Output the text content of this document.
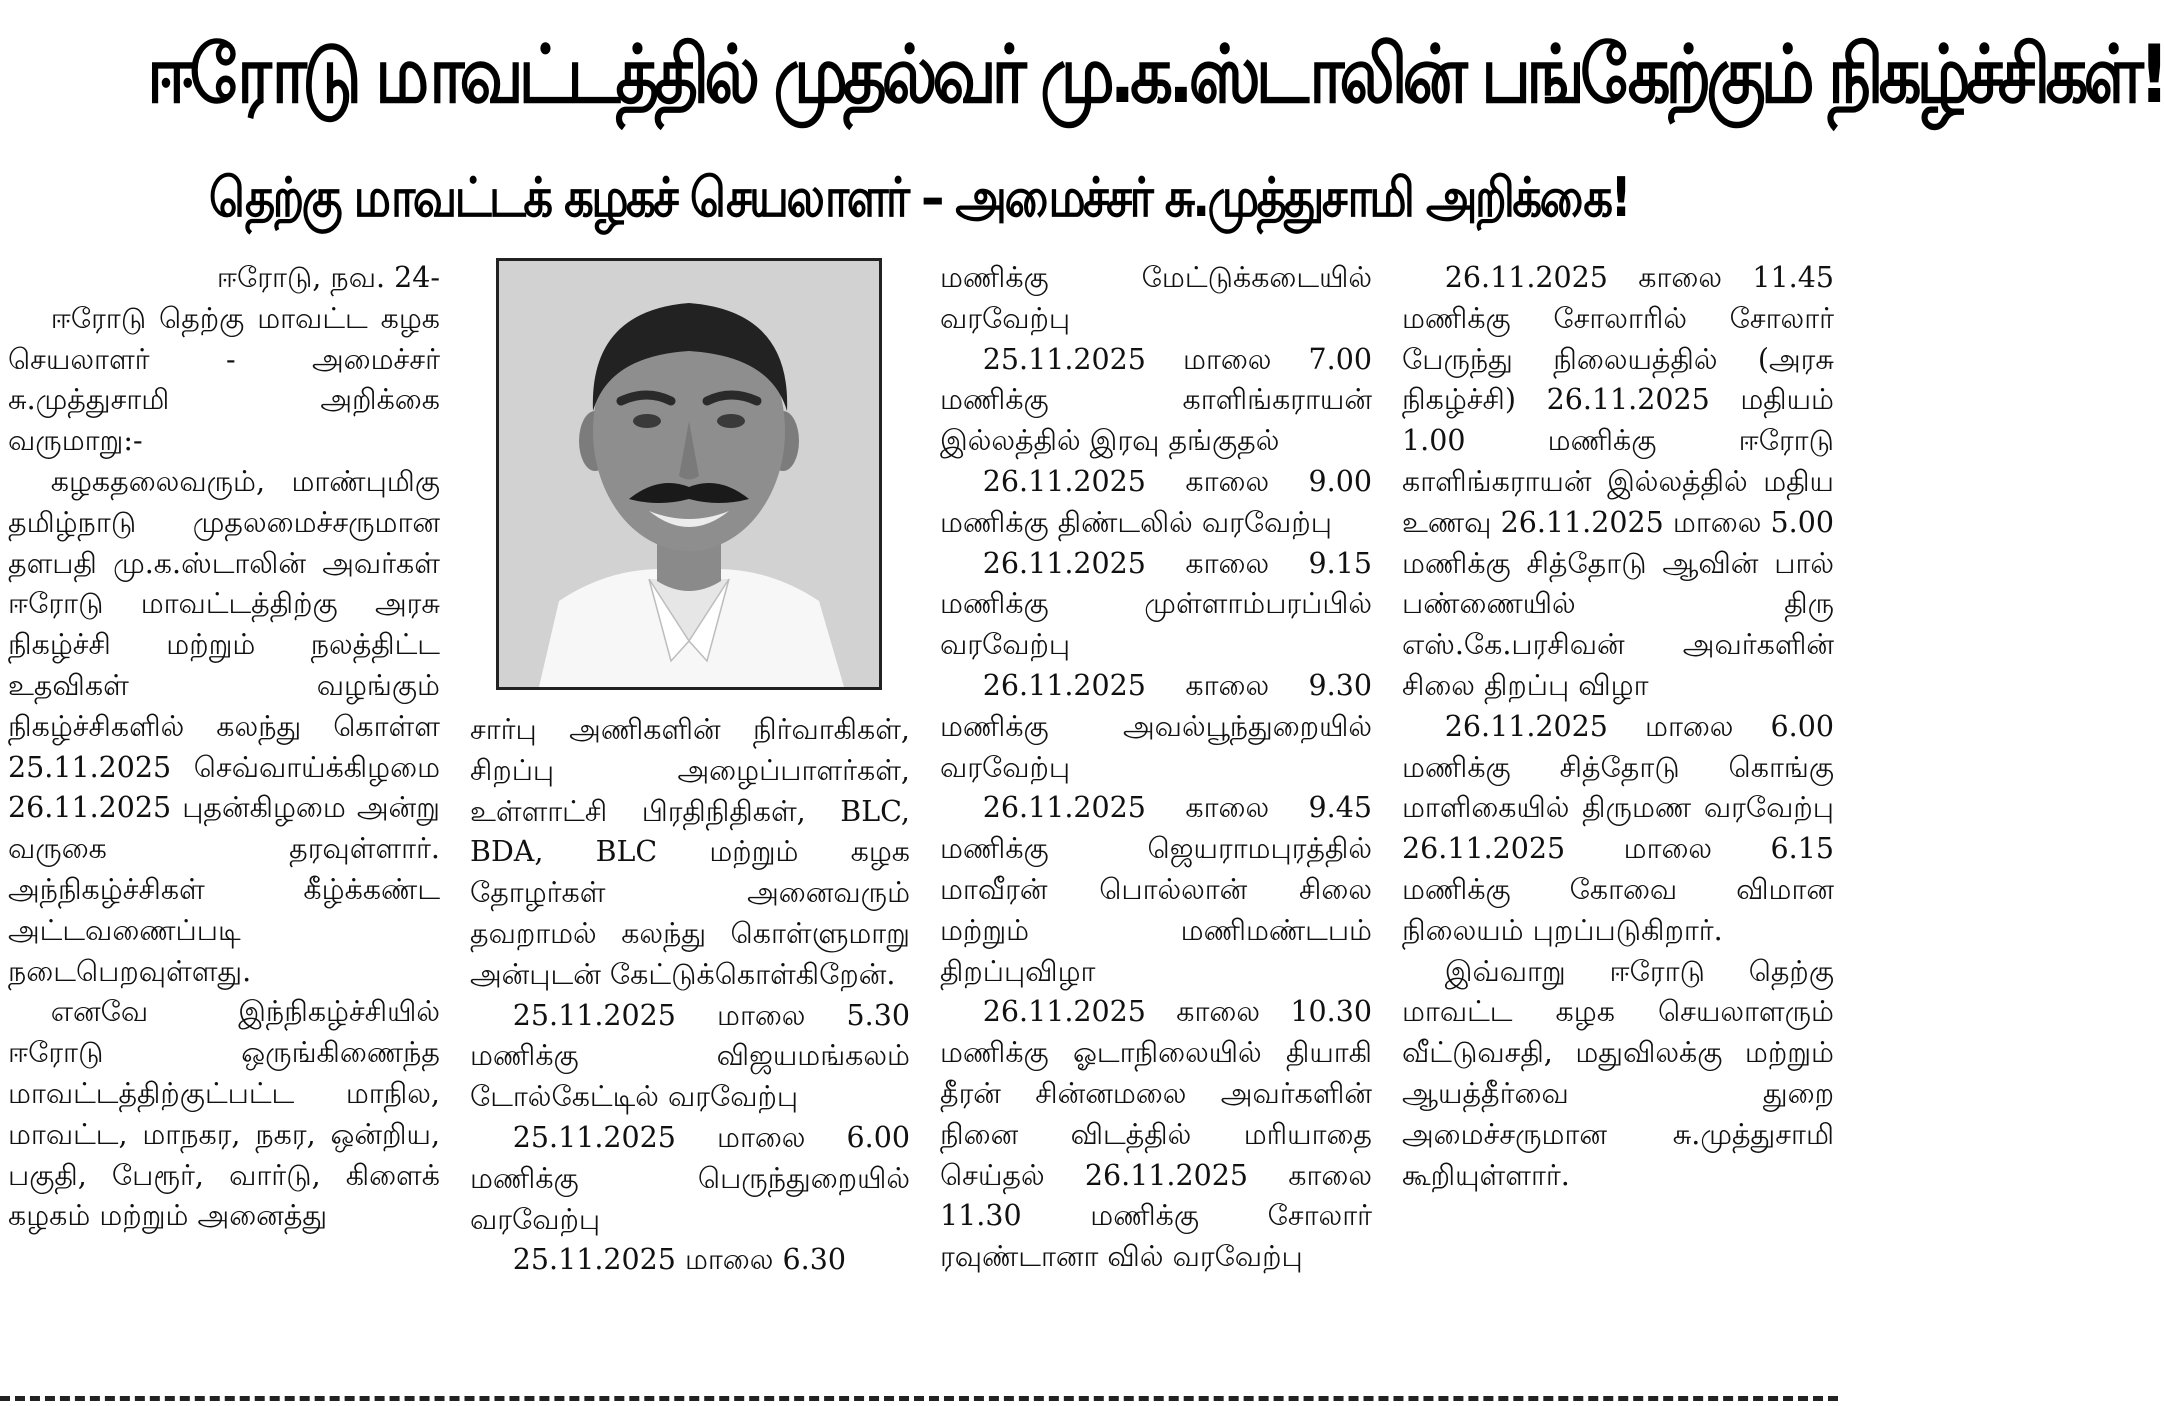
ஈரோடு மாவட்டத்தில் முதல்வர் மு.க.ஸ்டாலின் பங்கேற்கும் நிகழ்ச்சிகள்!
தெற்கு மாவட்டக் கழகச் செயலாளர் – அமைச்சர் சு.முத்துசாமி அறிக்கை!

ஈரோடு, நவ. 24-

ஈரோடு தெற்கு மாவட்ட கழக செயலாளர் - அமைச்சர் சு.முத்துசாமி அறிக்கை வருமாறு:-

கழகதலைவரும், மாண்புமிகு தமிழ்நாடு முதலமைச்சருமான தளபதி மு.க.ஸ்டாலின் அவர்கள் ஈரோடு மாவட்டத்திற்கு அரசு நிகழ்ச்சி மற்றும் நலத்திட்ட உதவிகள் வழங்கும் நிகழ்ச்சிகளில் கலந்து கொள்ள 25.11.2025 செவ்வாய்க்கிழமை 26.11.2025 புதன்கிழமை அன்று வருகை தரவுள்ளார். அந்நிகழ்ச்சிகள் கீழ்க்கண்ட அட்டவணைப்படி நடைபெறவுள்ளது.

எனவே இந்நிகழ்ச்சியில் ஈரோடு ஒருங்கிணைந்த மாவட்டத்திற்குட்பட்ட மாநில, மாவட்ட, மாநகர, நகர, ஒன்றிய, பகுதி, பேரூர், வார்டு, கிளைக் கழகம் மற்றும் அனைத்து

சார்பு அணிகளின் நிர்வாகிகள், சிறப்பு அழைப்பாளர்கள், உள்ளாட்சி பிரதிநிதிகள், BLC, BDA, BLC மற்றும் கழக தோழர்கள் அனைவரும் தவறாமல் கலந்து கொள்ளுமாறு அன்புடன் கேட்டுக்கொள்கிறேன்.

25.11.2025 மாலை 5.30 மணிக்கு விஜயமங்கலம் டோல்கேட்டில் வரவேற்பு

25.11.2025 மாலை 6.00 மணிக்கு பெருந்துறையில் வரவேற்பு

25.11.2025 மாலை 6.30

மணிக்கு மேட்டுக்கடையில் வரவேற்பு

25.11.2025 மாலை 7.00 மணிக்கு காளிங்கராயன் இல்லத்தில் இரவு தங்குதல்

26.11.2025 காலை 9.00 மணிக்கு திண்டலில் வரவேற்பு

26.11.2025 காலை 9.15 மணிக்கு முள்ளாம்பரப்பில் வரவேற்பு

26.11.2025 காலை 9.30 மணிக்கு அவல்பூந்துறையில் வரவேற்பு

26.11.2025 காலை 9.45 மணிக்கு ஜெயராமபுரத்தில் மாவீரன் பொல்லான் சிலை மற்றும் மணிமண்டபம் திறப்புவிழா

26.11.2025 காலை 10.30 மணிக்கு ஓடாநிலையில் தியாகி தீரன் சின்னமலை அவர்களின் நினை விடத்தில் மரியாதை செய்தல் 26.11.2025 காலை 11.30 மணிக்கு சோலார் ரவுண்டானா வில் வரவேற்பு

26.11.2025 காலை 11.45 மணிக்கு சோலாரில் சோலார் பேருந்து நிலையத்தில் (அரசு நிகழ்ச்சி) 26.11.2025 மதியம் 1.00 மணிக்கு ஈரோடு காளிங்கராயன் இல்லத்தில் மதிய உணவு 26.11.2025 மாலை 5.00 மணிக்கு சித்தோடு ஆவின் பால் பண்ணையில் திரு எஸ்.கே.பரசிவன் அவர்களின் சிலை திறப்பு விழா

26.11.2025 மாலை 6.00 மணிக்கு சித்தோடு கொங்கு மாளிகையில் திருமண வரவேற்பு 26.11.2025 மாலை 6.15 மணிக்கு கோவை விமான நிலையம் புறப்படுகிறார்.

இவ்வாறு ஈரோடு தெற்கு மாவட்ட கழக செயலாளரும் வீட்டுவசதி, மதுவிலக்கு மற்றும் ஆயத்தீர்வை துறை அமைச்சருமான சு.முத்துசாமி கூறியுள்ளார்.
